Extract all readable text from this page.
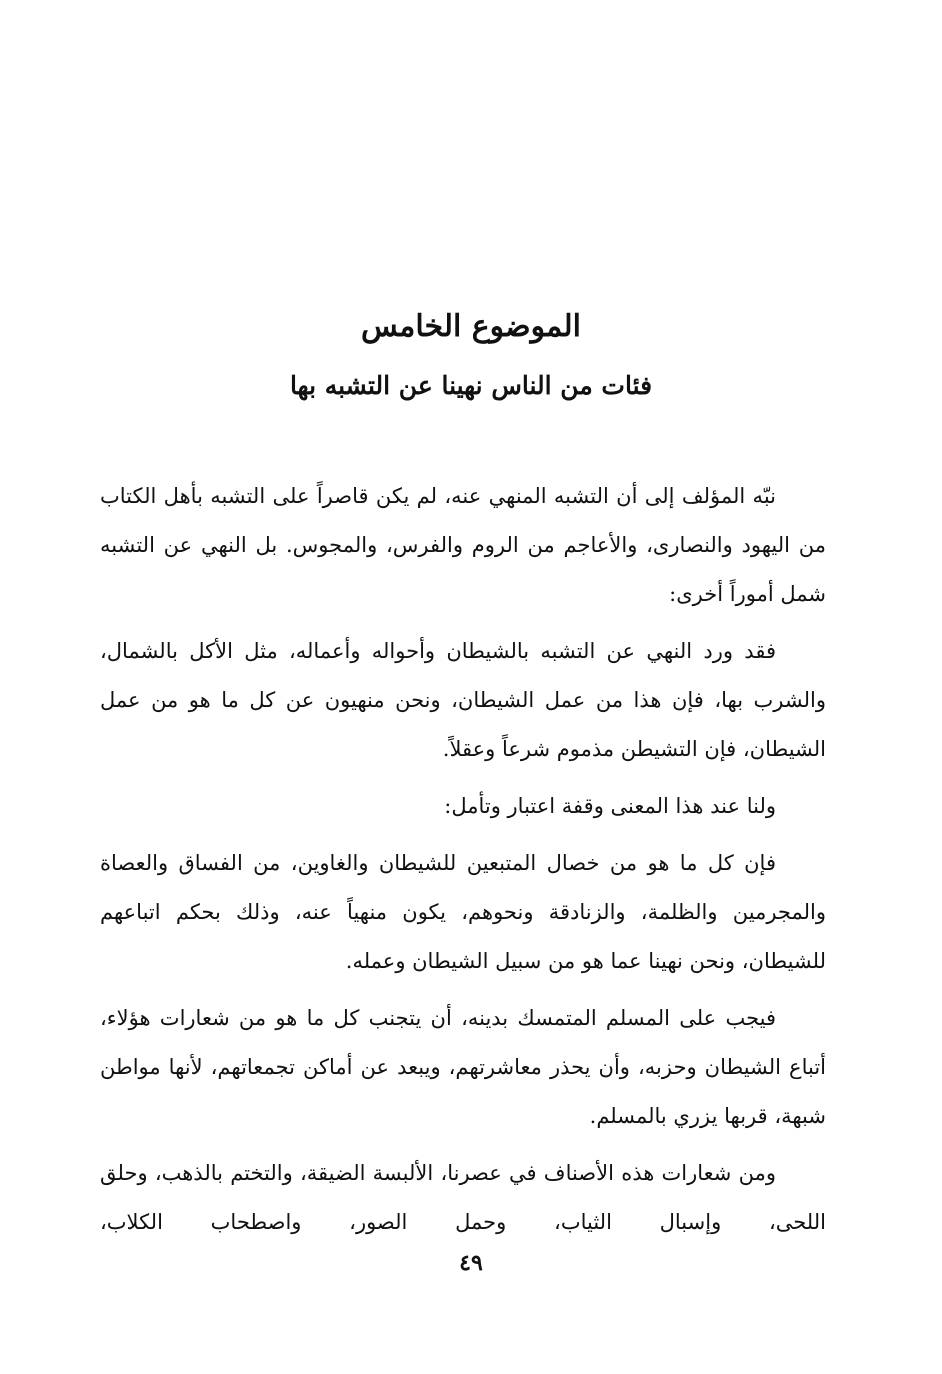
الموضوع الخامس
فئات من الناس نهينا عن التشبه بها

نبّه المؤلف إلى أن التشبه المنهي عنه، لم يكن قاصراً على التشبه بأهل الكتاب من اليهود والنصارى، والأعاجم من الروم والفرس، والمجوس. بل النهي عن التشبه شمل أموراً أخرى:

فقد ورد النهي عن التشبه بالشيطان وأحواله وأعماله، مثل الأكل بالشمال، والشرب بها، فإن هذا من عمل الشيطان، ونحن منهيون عن كل ما هو من عمل الشيطان، فإن التشيطن مذموم شرعاً وعقلاً.

ولنا عند هذا المعنى وقفة اعتبار وتأمل:

فإن كل ما هو من خصال المتبعين للشيطان والغاوين، من الفساق والعصاة والمجرمين والظلمة، والزنادقة ونحوهم، يكون منهياً عنه، وذلك بحكم اتباعهم للشيطان، ونحن نهينا عما هو من سبيل الشيطان وعمله.

فيجب على المسلم المتمسك بدينه، أن يتجنب كل ما هو من شعارات هؤلاء، أتباع الشيطان وحزبه، وأن يحذر معاشرتهم، ويبعد عن أماكن تجمعاتهم، لأنها مواطن شبهة، قربها يزري بالمسلم.

ومن شعارات هذه الأصناف في عصرنا، الألبسة الضيقة، والتختم بالذهب، وحلق اللحى، وإسبال الثياب، وحمل الصور، واصطحاب الكلاب،

٤٩
